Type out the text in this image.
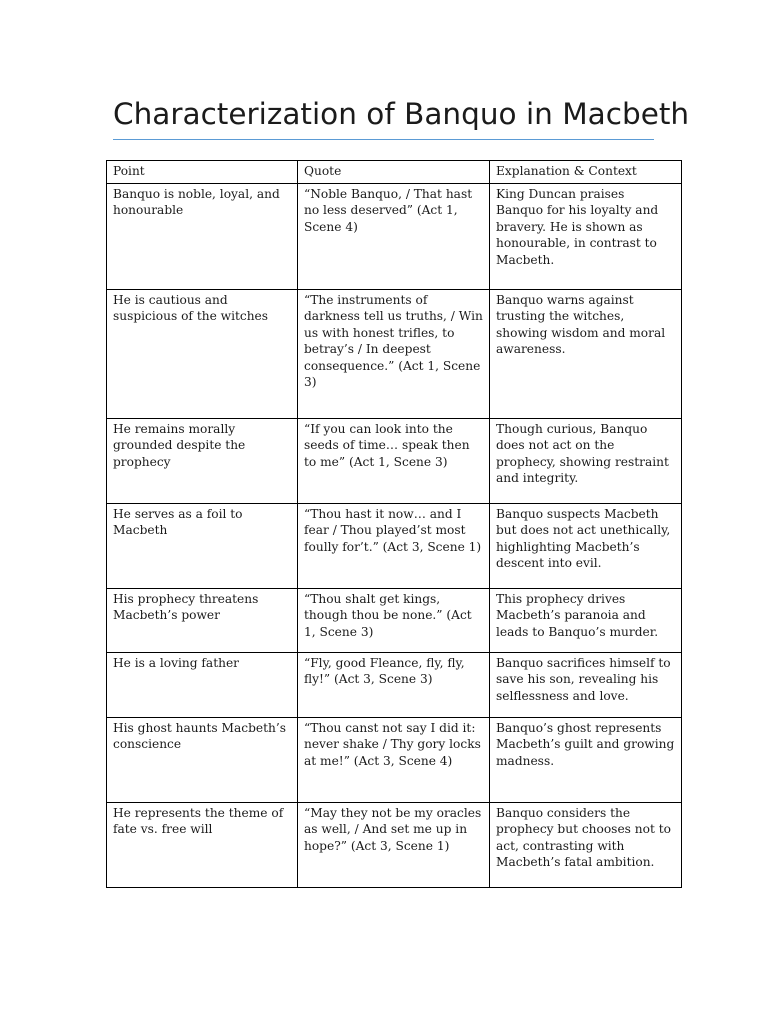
Characterization of Banquo in Macbeth
Point	Quote	Explanation & Context
Banquo is noble, loyal, and honourable	“Noble Banquo, / That hast no less deserved” (Act 1, Scene 4)	King Duncan praises Banquo for his loyalty and bravery. He is shown as honourable, in contrast to Macbeth.
He is cautious and suspicious of the witches	“The instruments of darkness tell us truths, / Win us with honest trifles, to betray’s / In deepest consequence.” (Act 1, Scene 3)	Banquo warns against trusting the witches, showing wisdom and moral awareness.
He remains morally grounded despite the prophecy	“If you can look into the seeds of time… speak then to me” (Act 1, Scene 3)	Though curious, Banquo does not act on the prophecy, showing restraint and integrity.
He serves as a foil to Macbeth	“Thou hast it now… and I fear / Thou played’st most foully for’t.” (Act 3, Scene 1)	Banquo suspects Macbeth but does not act unethically, highlighting Macbeth’s descent into evil.
His prophecy threatens Macbeth’s power	“Thou shalt get kings, though thou be none.” (Act 1, Scene 3)	This prophecy drives Macbeth’s paranoia and leads to Banquo’s murder.
He is a loving father	“Fly, good Fleance, fly, fly, fly!” (Act 3, Scene 3)	Banquo sacrifices himself to save his son, revealing his selflessness and love.
His ghost haunts Macbeth’s conscience	“Thou canst not say I did it: never shake / Thy gory locks at me!” (Act 3, Scene 4)	Banquo’s ghost represents Macbeth’s guilt and growing madness.
He represents the theme of fate vs. free will	“May they not be my oracles as well, / And set me up in hope?” (Act 3, Scene 1)	Banquo considers the prophecy but chooses not to act, contrasting with Macbeth’s fatal ambition.
